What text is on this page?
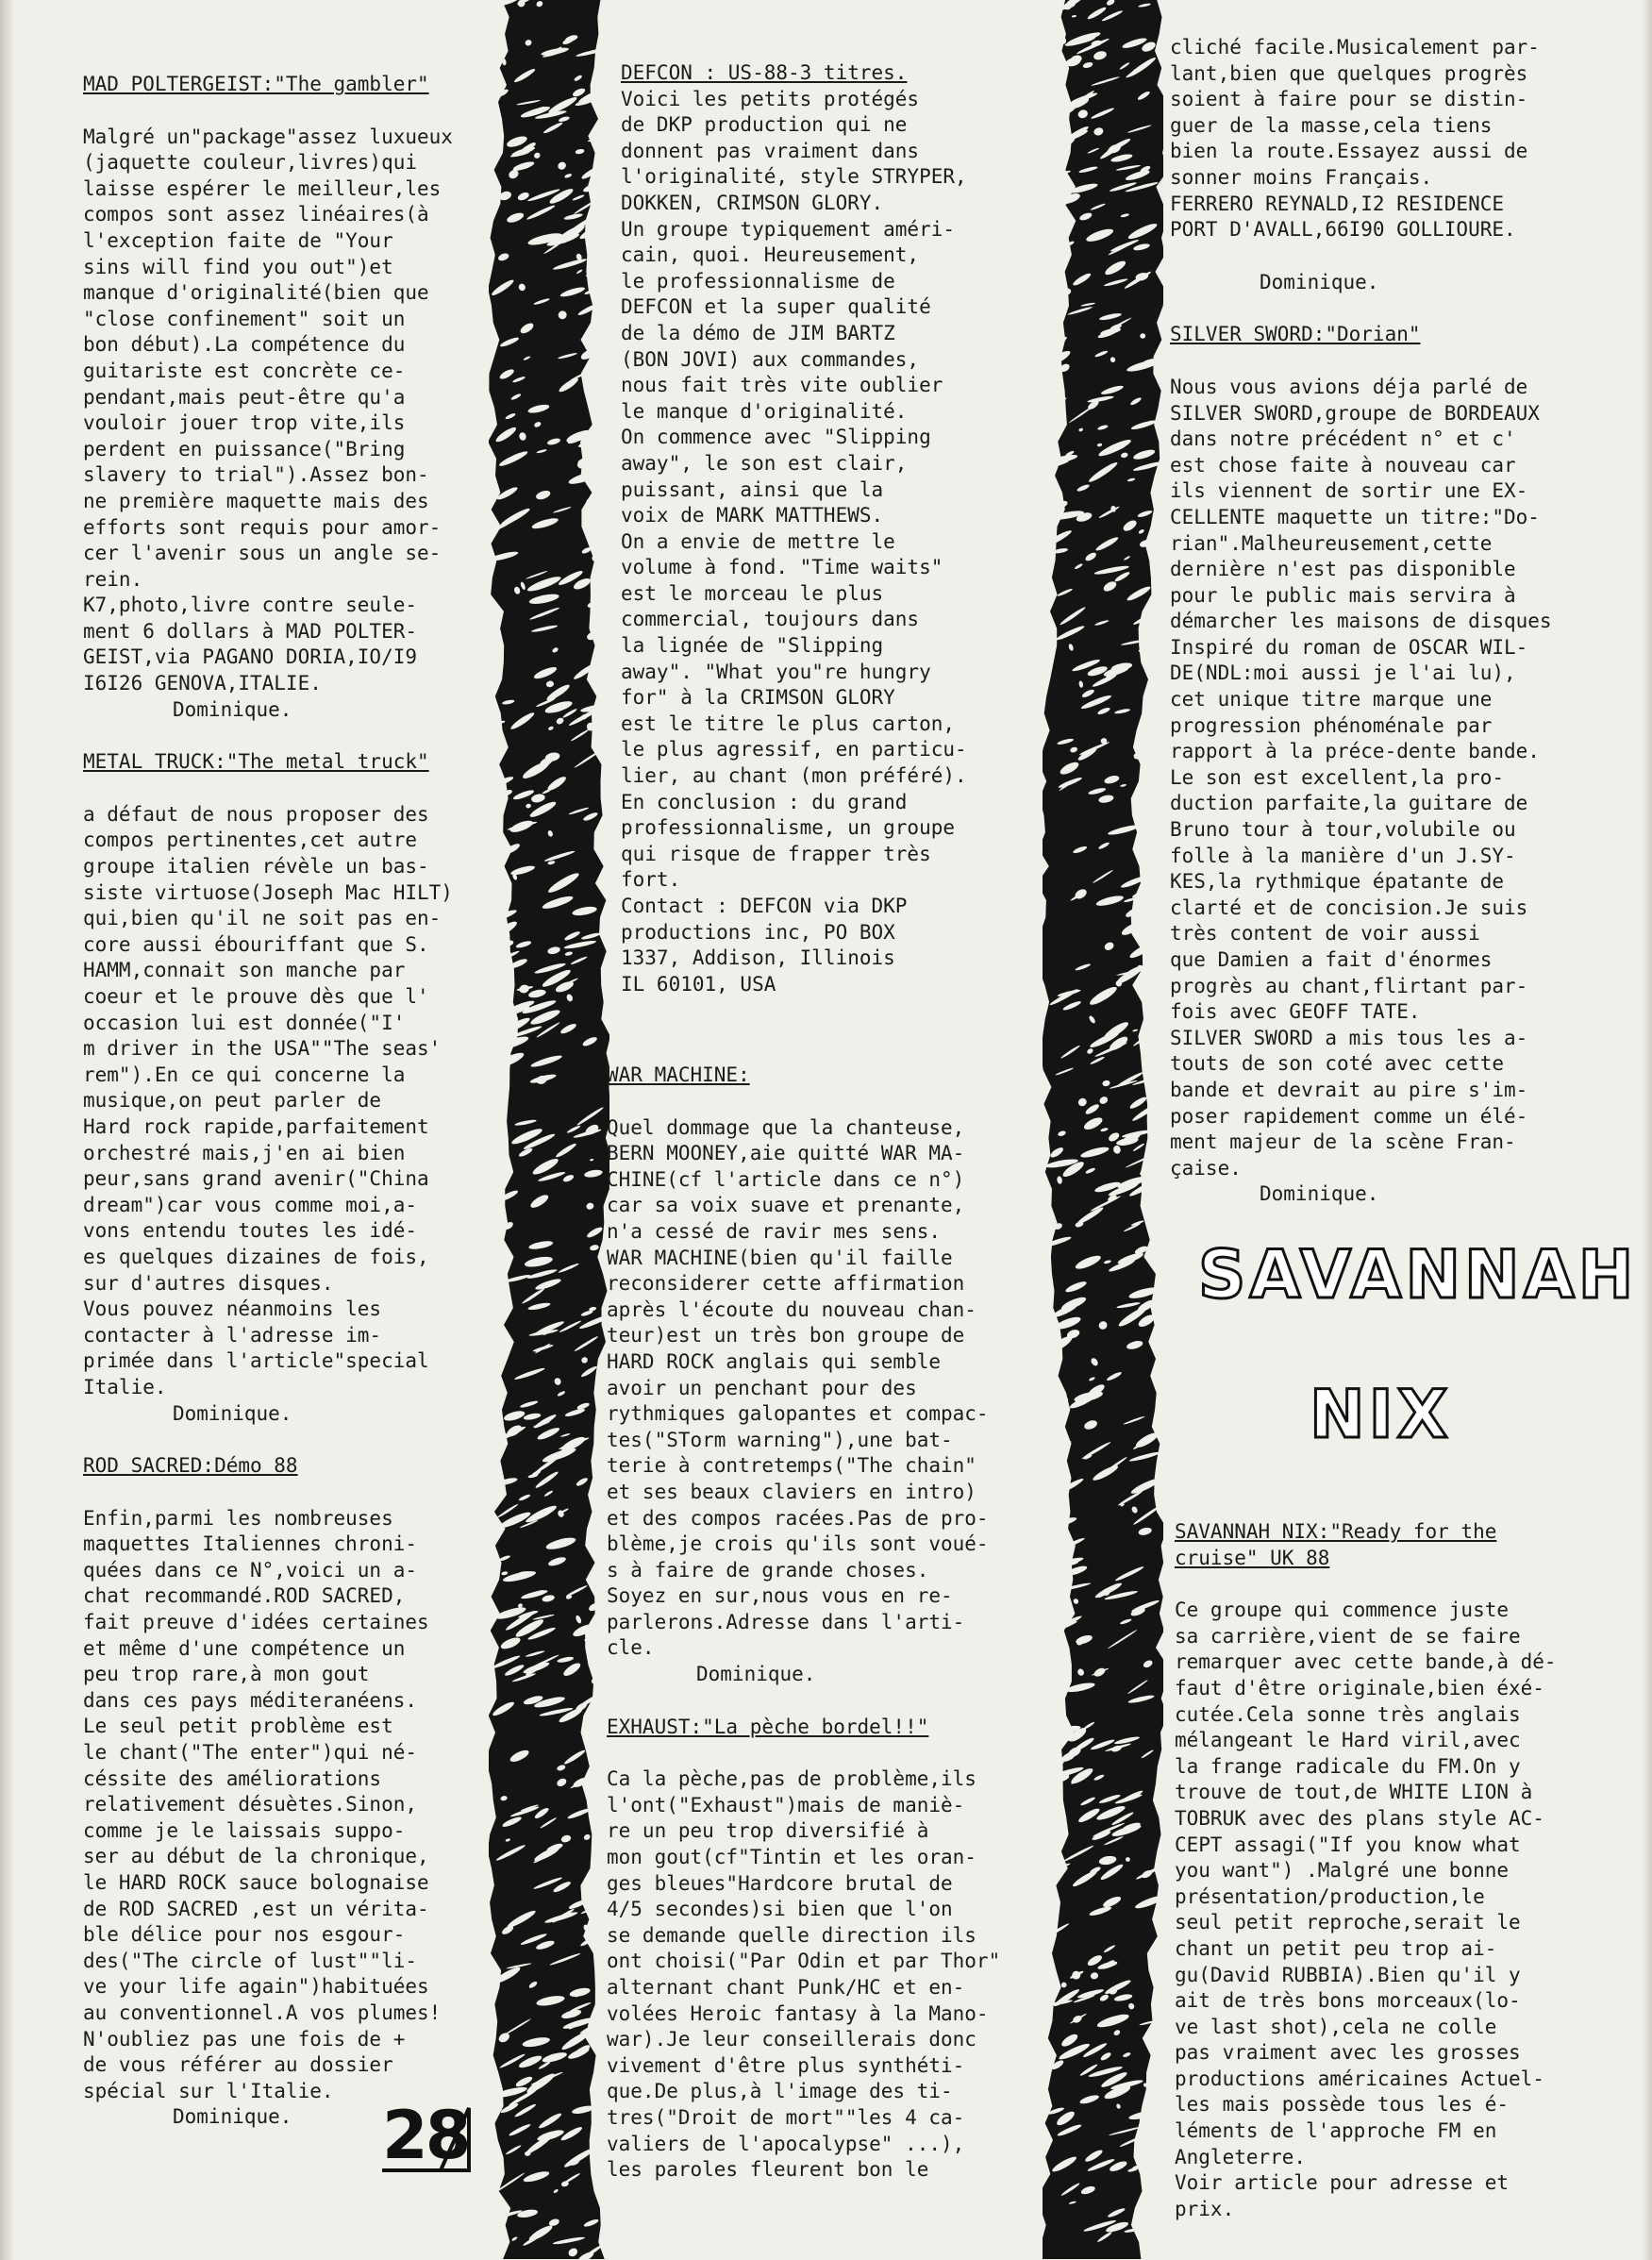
MAD POLTERGEIST:"The gambler"

Malgré un"package"assez luxueux

(jaquette couleur,livres)qui

laisse espérer le meilleur,les

compos sont assez linéaires(à

l'exception faite de "Your

sins will find you out")et

manque d'originalité(bien que

"close confinement" soit un

bon début).La compétence du

guitariste est concrète ce-

pendant,mais peut-être qu'a

vouloir jouer trop vite,ils

perdent en puissance("Bring

slavery to trial").Assez bon-

ne première maquette mais des

efforts sont requis pour amor-

cer l'avenir sous un angle se-

rein.

K7,photo,livre contre seule-

ment 6 dollars à MAD POLTER-

GEIST,via PAGANO DORIA,IO/I9

I6I26 GENOVA,ITALIE.

Dominique.

METAL TRUCK:"The metal truck"

a défaut de nous proposer des

compos pertinentes,cet autre

groupe italien révèle un bas-

siste virtuose(Joseph Mac HILT)

qui,bien qu'il ne soit pas en-

core aussi ébouriffant que S.

HAMM,connait son manche par

coeur et le prouve dès que l'

occasion lui est donnée("I'

m driver in the USA""The seas'

rem").En ce qui concerne la

musique,on peut parler de

Hard rock rapide,parfaitement

orchestré mais,j'en ai bien

peur,sans grand avenir("China

dream")car vous comme moi,a-

vons entendu toutes les idé-

es quelques dizaines de fois,

sur d'autres disques.

Vous pouvez néanmoins les

contacter à l'adresse im-

primée dans l'article"special

Italie.

Dominique.

ROD SACRED:Démo 88

Enfin,parmi les nombreuses

maquettes Italiennes chroni-

quées dans ce N°,voici un a-

chat recommandé.ROD SACRED,

fait preuve d'idées certaines

et même d'une compétence un

peu trop rare,à mon gout

dans ces pays méditeranéens.

Le seul petit problème est

le chant("The enter")qui né-

céssite des améliorations

relativement désuètes.Sinon,

comme je le laissais suppo-

ser au début de la chronique,

le HARD ROCK sauce bolognaise

de ROD SACRED ,est un vérita-

ble délice pour nos esgour-

des("The circle of lust""li-

ve your life again")habituées

au conventionnel.A vos plumes!

N'oubliez pas une fois de +

de vous référer au dossier

spécial sur l'Italie.

Dominique.

DEFCON : US-88-3 titres.

Voici les petits protégés

de DKP production qui ne

donnent pas vraiment dans

l'originalité, style STRYPER,

DOKKEN, CRIMSON GLORY.

Un groupe typiquement améri-

cain, quoi. Heureusement,

le professionnalisme de

DEFCON et la super qualité

de la démo de JIM BARTZ

(BON JOVI) aux commandes,

nous fait très vite oublier

le manque d'originalité.

On commence avec "Slipping

away", le son est clair,

puissant, ainsi que la

voix de MARK MATTHEWS.

On a envie de mettre le

volume à fond. "Time waits"

est le morceau le plus

commercial, toujours dans

la lignée de "Slipping

away". "What you"re hungry

for" à la CRIMSON GLORY

est le titre le plus carton,

le plus agressif, en particu-

lier, au chant (mon préféré).

En conclusion : du grand

professionnalisme, un groupe

qui risque de frapper très

fort.

Contact : DEFCON via DKP

productions inc, PO BOX

1337, Addison, Illinois

IL 60101, USA

WAR MACHINE:

Quel dommage que la chanteuse,

BERN MOONEY,aie quitté WAR MA-

CHINE(cf l'article dans ce n°)

car sa voix suave et prenante,

n'a cessé de ravir mes sens.

WAR MACHINE(bien qu'il faille

reconsiderer cette affirmation

après l'écoute du nouveau chan-

teur)est un très bon groupe de

HARD ROCK anglais qui semble

avoir un penchant pour des

rythmiques galopantes et compac-

tes("STorm warning"),une bat-

terie à contretemps("The chain"

et ses beaux claviers en intro)

et des compos racées.Pas de pro-

blème,je crois qu'ils sont voué-

s à faire de grande choses.

Soyez en sur,nous vous en re-

parlerons.Adresse dans l'arti-

cle.

Dominique.

EXHAUST:"La pèche bordel!!"

Ca la pèche,pas de problème,ils

l'ont("Exhaust")mais de maniè-

re un peu trop diversifié à

mon gout(cf"Tintin et les oran-

ges bleues"Hardcore brutal de

4/5 secondes)si bien que l'on

se demande quelle direction ils

ont choisi("Par Odin et par Thor"

alternant chant Punk/HC et en-

volées Heroic fantasy à la Mano-

war).Je leur conseillerais donc

vivement d'être plus synthéti-

que.De plus,à l'image des ti-

tres("Droit de mort""les 4 ca-

valiers de l'apocalypse" ...),

les paroles fleurent bon le

cliché facile.Musicalement par-

lant,bien que quelques progrès

soient à faire pour se distin-

guer de la masse,cela tiens

bien la route.Essayez aussi de

sonner moins Français.

FERRERO REYNALD,I2 RESIDENCE

PORT D'AVALL,66I90 GOLLIOURE.

Dominique.

SILVER SWORD:"Dorian"

Nous vous avions déja parlé de

SILVER SWORD,groupe de BORDEAUX

dans notre précédent n° et c'

est chose faite à nouveau car

ils viennent de sortir une EX-

CELLENTE maquette un titre:"Do-

rian".Malheureusement,cette

dernière n'est pas disponible

pour le public mais servira à

démarcher les maisons de disques

Inspiré du roman de OSCAR WIL-

DE(NDL:moi aussi je l'ai lu),

cet unique titre marque une

progression phénoménale par

rapport à la préce-dente bande.

Le son est excellent,la pro-

duction parfaite,la guitare de

Bruno tour à tour,volubile ou

folle à la manière d'un J.SY-

KES,la rythmique épatante de

clarté et de concision.Je suis

très content de voir aussi

que Damien a fait d'énormes

progrès au chant,flirtant par-

fois avec GEOFF TATE.

SILVER SWORD a mis tous les a-

touts de son coté avec cette

bande et devrait au pire s'im-

poser rapidement comme un élé-

ment majeur de la scène Fran-

çaise.

Dominique.

SAVANNAH
NIX

SAVANNAH NIX:"Ready for the

cruise" UK 88

Ce groupe qui commence juste

sa carrière,vient de se faire

remarquer avec cette bande,à dé-

faut d'être originale,bien éxé-

cutée.Cela sonne très anglais

mélangeant le Hard viril,avec

la frange radicale du FM.On y

trouve de tout,de WHITE LION à

TOBRUK avec des plans style AC-

CEPT assagi("If you know what

you want") .Malgré une bonne

présentation/production,le

seul petit reproche,serait le

chant un petit peu trop ai-

gu(David RUBBIA).Bien qu'il y

ait de très bons morceaux(lo-

ve last shot),cela ne colle

pas vraiment avec les grosses

productions américaines Actuel-

les mais possède tous les é-

léments de l'approche FM en

Angleterre.

Voir article pour adresse et

prix.

28
